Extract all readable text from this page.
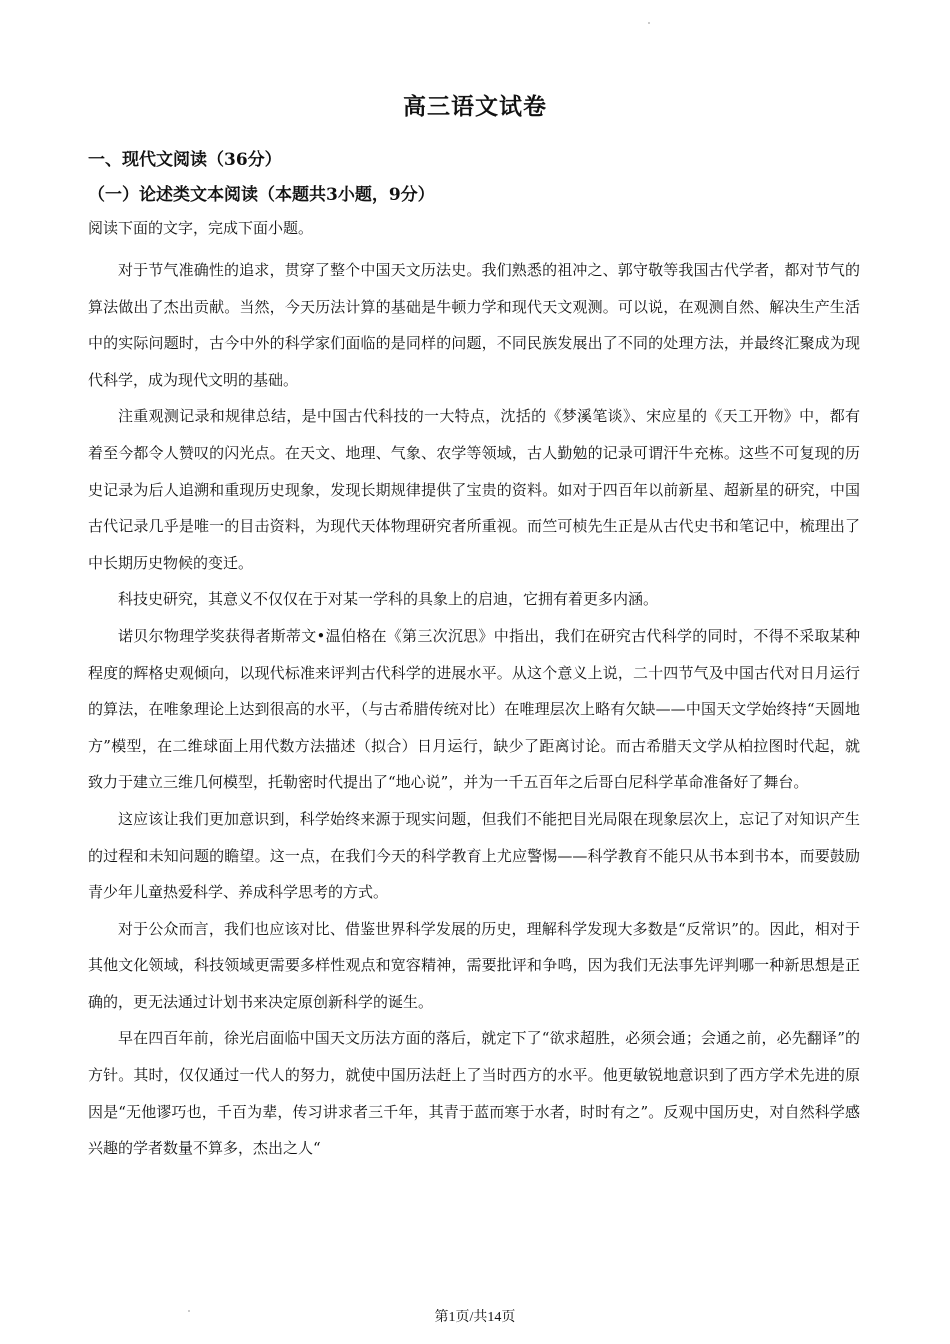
高三语文试卷
一、现代文阅读（36分）
（一）论述类文本阅读（本题共3小题，9分）
阅读下面的文字，完成下面小题。

对于节气准确性的追求，贯穿了整个中国天文历法史。我们熟悉的祖冲之、郭守敬等我国古代学者，都对节气的算法做出了杰出贡献。当然，今天历法计算的基础是牛顿力学和现代天文观测。可以说，在观测自然、解决生产生活中的实际问题时，古今中外的科学家们面临的是同样的问题，不同民族发展出了不同的处理方法，并最终汇聚成为现代科学，成为现代文明的基础。

注重观测记录和规律总结，是中国古代科技的一大特点，沈括的《梦溪笔谈》、宋应星的《天工开物》中，都有着至今都令人赞叹的闪光点。在天文、地理、气象、农学等领域，古人勤勉的记录可谓汗牛充栋。这些不可复现的历史记录为后人追溯和重现历史现象，发现长期规律提供了宝贵的资料。如对于四百年以前新星、超新星的研究，中国古代记录几乎是唯一的目击资料，为现代天体物理研究者所重视。而竺可桢先生正是从古代史书和笔记中，梳理出了中长期历史物候的变迁。

科技史研究，其意义不仅仅在于对某一学科的具象上的启迪，它拥有着更多内涵。

诺贝尔物理学奖获得者斯蒂文•温伯格在《第三次沉思》中指出，我们在研究古代科学的同时，不得不采取某种程度的辉格史观倾向，以现代标准来评判古代科学的进展水平。从这个意义上说，二十四节气及中国古代对日月运行的算法，在唯象理论上达到很高的水平，（与古希腊传统对比）在唯理层次上略有欠缺——中国天文学始终持“天圆地方”模型，在二维球面上用代数方法描述（拟合）日月运行，缺少了距离讨论。而古希腊天文学从柏拉图时代起，就致力于建立三维几何模型，托勒密时代提出了“地心说”，并为一千五百年之后哥白尼科学革命准备好了舞台。

这应该让我们更加意识到，科学始终来源于现实问题，但我们不能把目光局限在现象层次上，忘记了对知识产生的过程和未知问题的瞻望。这一点，在我们今天的科学教育上尤应警惕——科学教育不能只从书本到书本，而要鼓励青少年儿童热爱科学、养成科学思考的方式。

对于公众而言，我们也应该对比、借鉴世界科学发展的历史，理解科学发现大多数是“反常识”的。因此，相对于其他文化领域，科技领域更需要多样性观点和宽容精神，需要批评和争鸣，因为我们无法事先评判哪一种新思想是正确的，更无法通过计划书来决定原创新科学的诞生。

早在四百年前，徐光启面临中国天文历法方面的落后，就定下了“欲求超胜，必须会通；会通之前，必先翻译”的方针。其时，仅仅通过一代人的努力，就使中国历法赶上了当时西方的水平。他更敏锐地意识到了西方学术先进的原因是“无他谬巧也，千百为辈，传习讲求者三千年，其青于蓝而寒于水者，时时有之”。反观中国历史，对自然科学感兴趣的学者数量不算多，杰出之人“

第1页/共14页
